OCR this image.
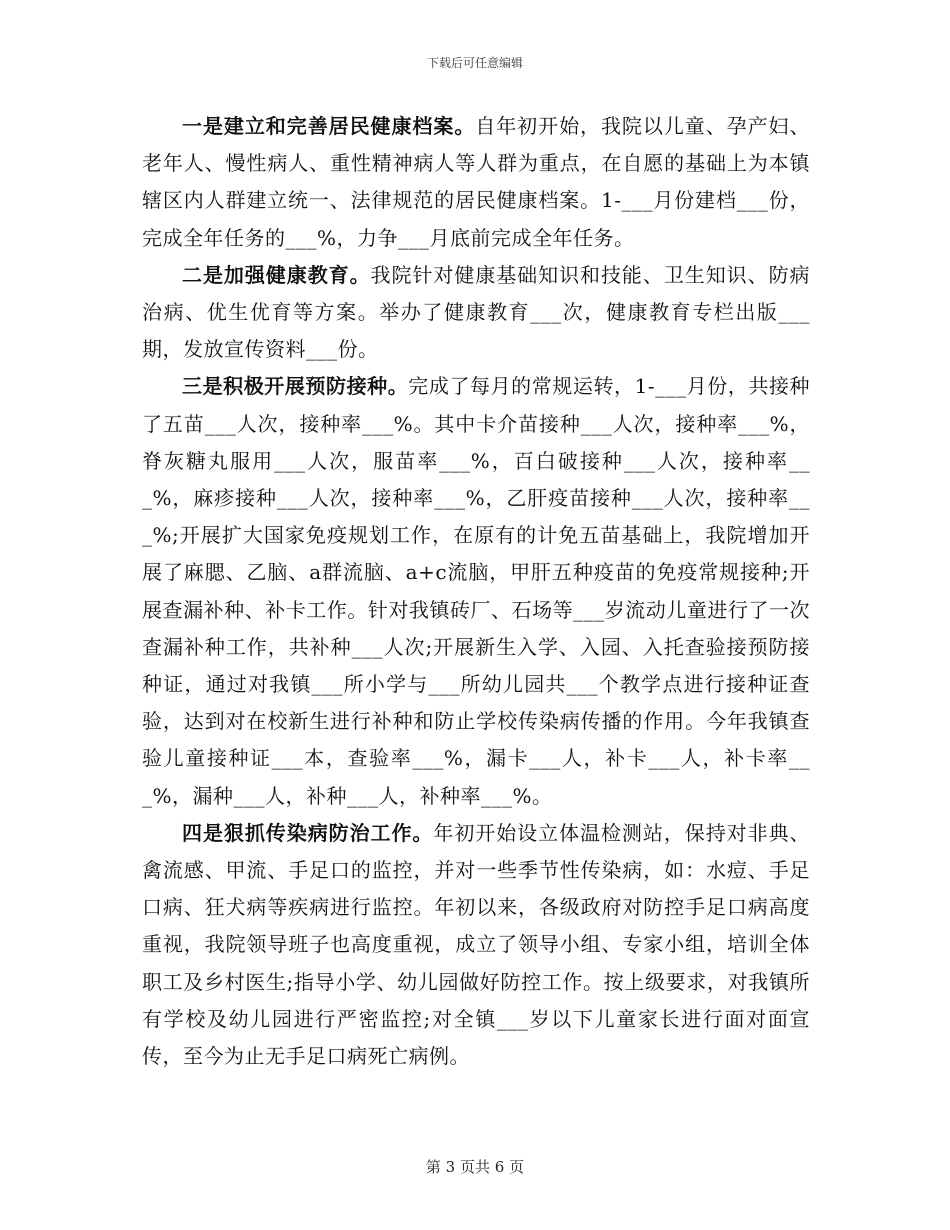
下载后可任意编辑

一是建立和完善居民健康档案。自年初开始，我院以儿童、孕产妇、老年人、慢性病人、重性精神病人等人群为重点，在自愿的基础上为本镇辖区内人群建立统一、法律规范的居民健康档案。1-___月份建档___份，完成全年任务的___%，力争___月底前完成全年任务。

二是加强健康教育。我院针对健康基础知识和技能、卫生知识、防病治病、优生优育等方案。举办了健康教育___次，健康教育专栏出版___期，发放宣传资料___份。

三是积极开展预防接种。完成了每月的常规运转，1-___月份，共接种了五苗___人次，接种率___%。其中卡介苗接种___人次，接种率___%，脊灰糖丸服用___人次，服苗率___%，百白破接种___人次，接种率___%，麻疹接种___人次，接种率___%，乙肝疫苗接种___人次，接种率___%;开展扩大国家免疫规划工作，在原有的计免五苗基础上，我院增加开展了麻腮、乙脑、a群流脑、a+c流脑，甲肝五种疫苗的免疫常规接种;开展查漏补种、补卡工作。针对我镇砖厂、石场等___岁流动儿童进行了一次查漏补种工作，共补种___人次;开展新生入学、入园、入托查验接预防接种证，通过对我镇___所小学与___所幼儿园共___个教学点进行接种证查验，达到对在校新生进行补种和防止学校传染病传播的作用。今年我镇查验儿童接种证___本，查验率___%，漏卡___人，补卡___人，补卡率___%，漏种___人，补种___人，补种率___%。

四是狠抓传染病防治工作。年初开始设立体温检测站，保持对非典、禽流感、甲流、手足口的监控，并对一些季节性传染病，如：水痘、手足口病、狂犬病等疾病进行监控。年初以来，各级政府对防控手足口病高度重视，我院领导班子也高度重视，成立了领导小组、专家小组，培训全体职工及乡村医生;指导小学、幼儿园做好防控工作。按上级要求，对我镇所有学校及幼儿园进行严密监控;对全镇___岁以下儿童家长进行面对面宣传，至今为止无手足口病死亡病例。

第 3 页共 6 页
